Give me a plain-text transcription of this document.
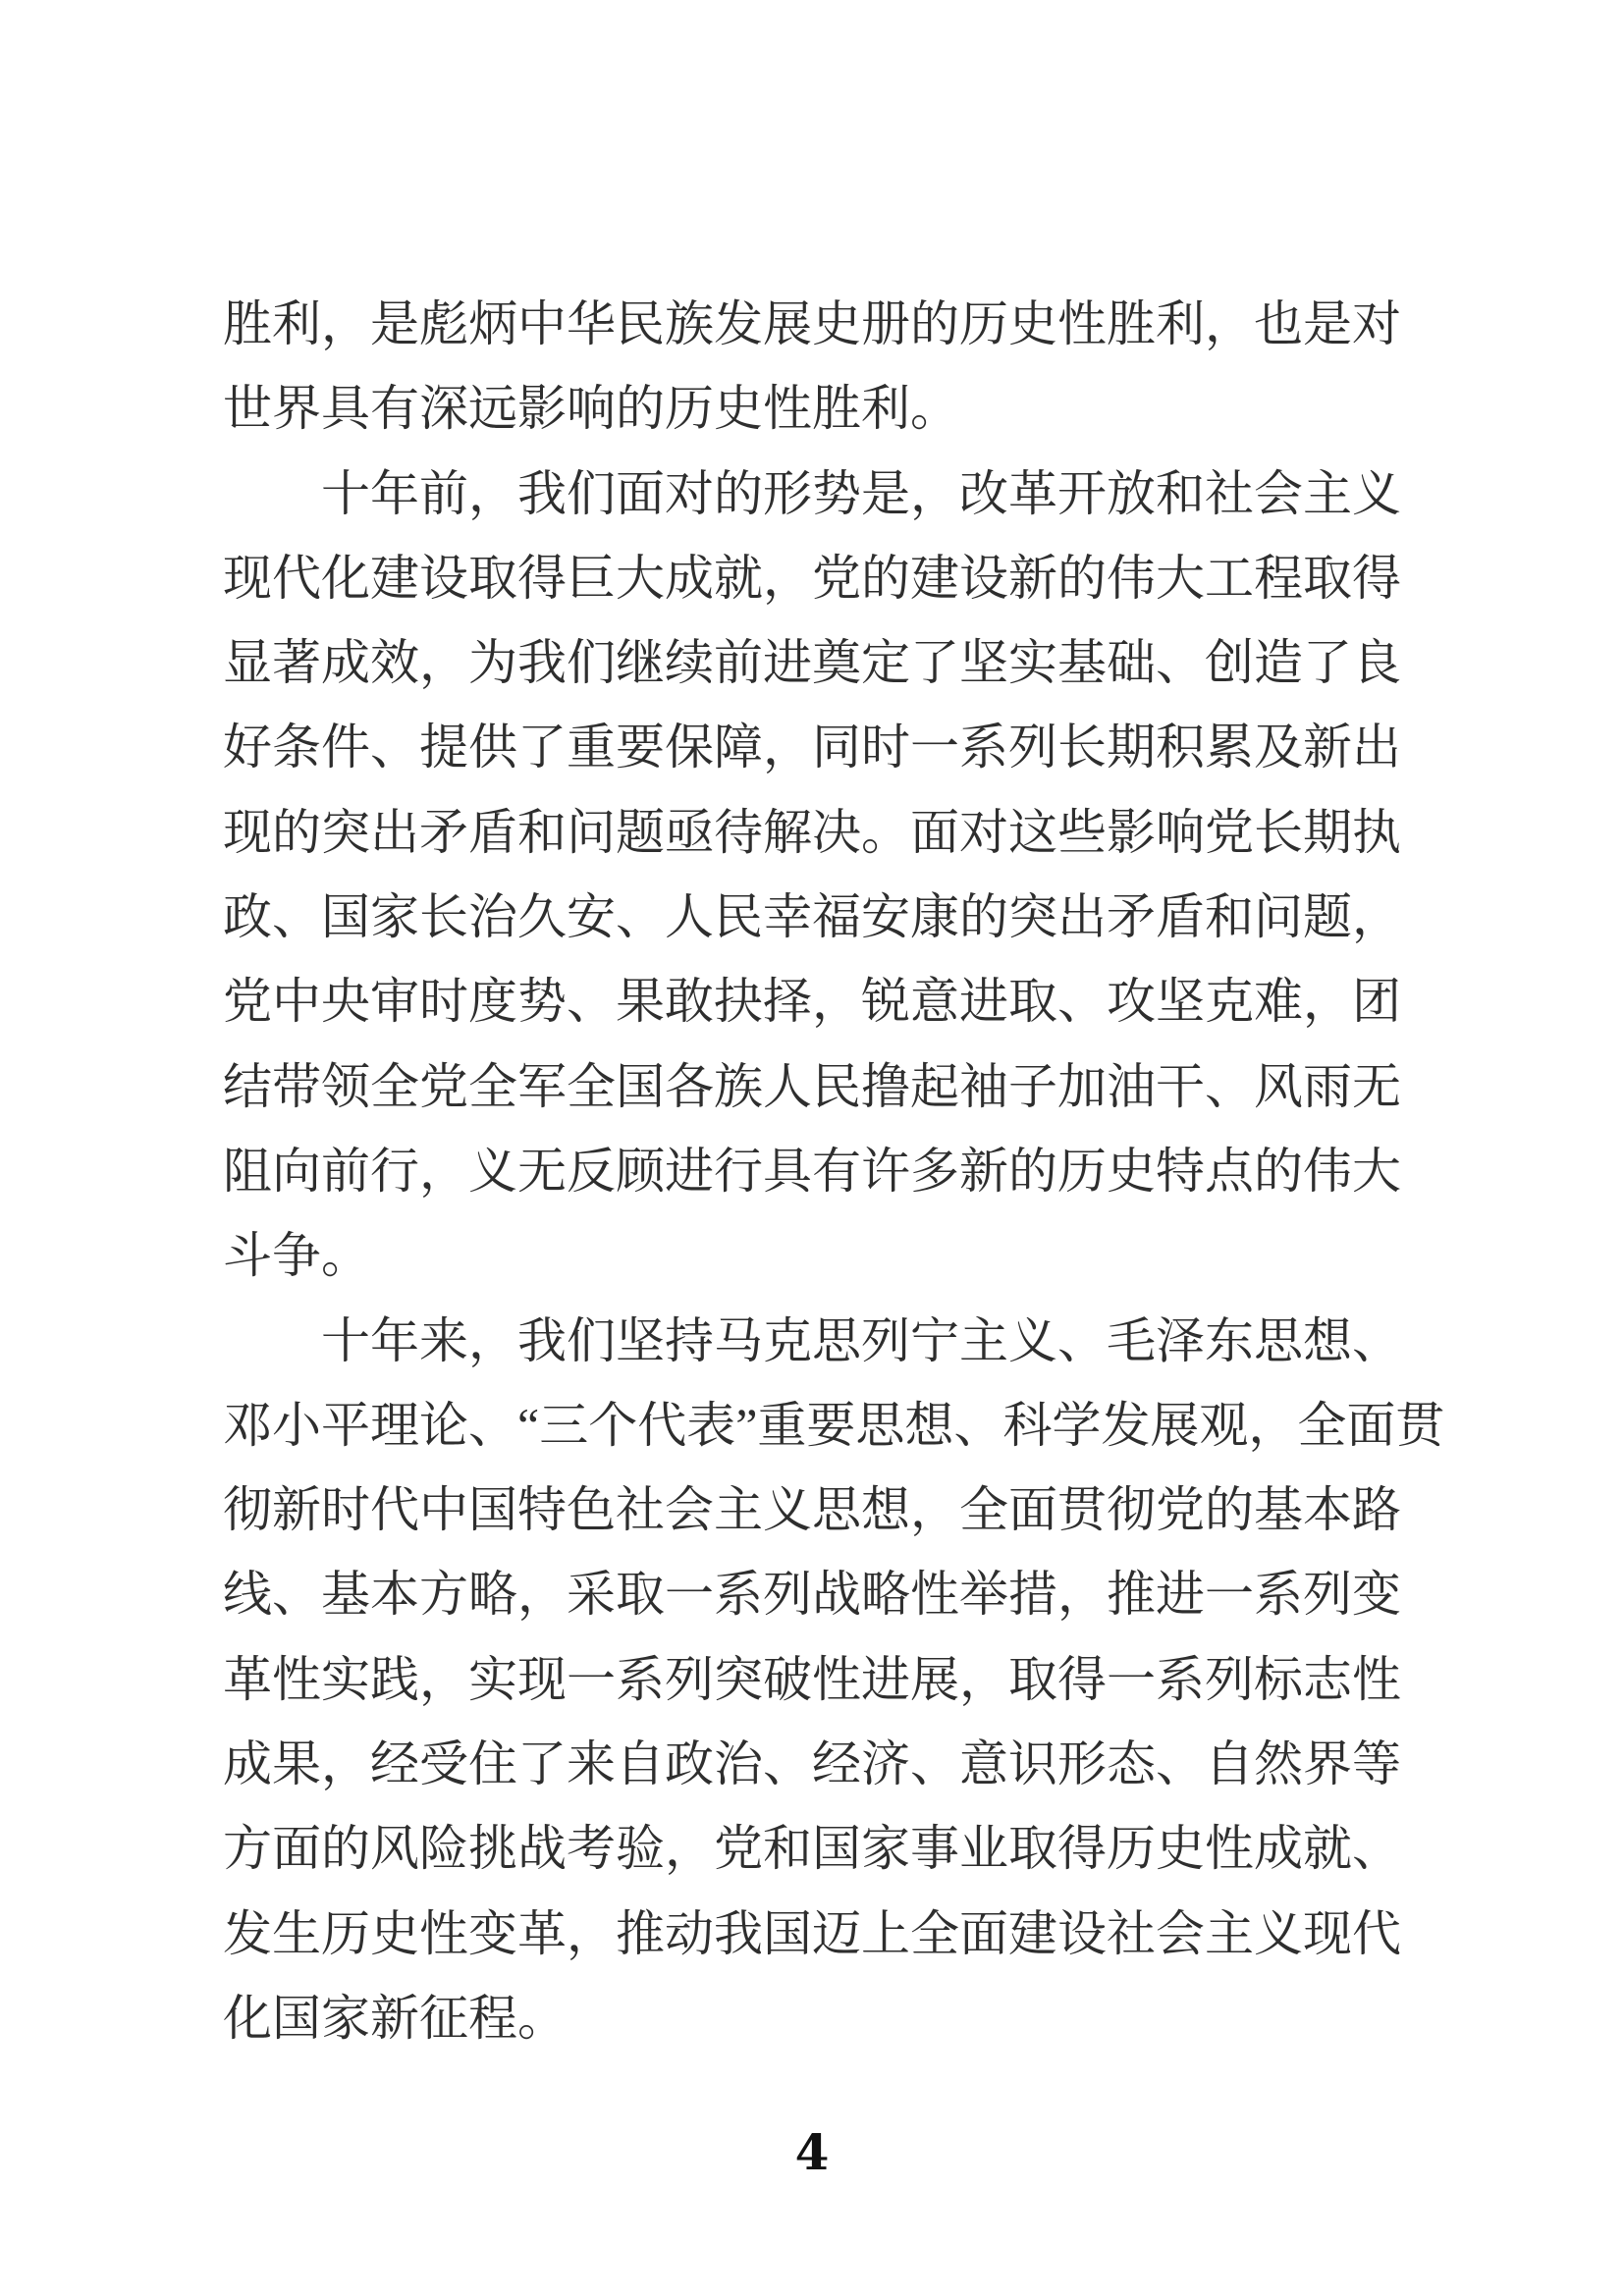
胜利，是彪炳中华民族发展史册的历史性胜利，也是对
世界具有深远影响的历史性胜利。
　　十年前，我们面对的形势是，改革开放和社会主义
现代化建设取得巨大成就，党的建设新的伟大工程取得
显著成效，为我们继续前进奠定了坚实基础、创造了良
好条件、提供了重要保障，同时一系列长期积累及新出
现的突出矛盾和问题亟待解决。面对这些影响党长期执
政、国家长治久安、人民幸福安康的突出矛盾和问题，
党中央审时度势、果敢抉择，锐意进取、攻坚克难，团
结带领全党全军全国各族人民撸起袖子加油干、风雨无
阻向前行，义无反顾进行具有许多新的历史特点的伟大
斗争。
　　十年来，我们坚持马克思列宁主义、毛泽东思想、
邓小平理论、“三个代表”重要思想、科学发展观，全面贯
彻新时代中国特色社会主义思想，全面贯彻党的基本路
线、基本方略，采取一系列战略性举措，推进一系列变
革性实践，实现一系列突破性进展，取得一系列标志性
成果，经受住了来自政治、经济、意识形态、自然界等
方面的风险挑战考验，党和国家事业取得历史性成就、
发生历史性变革，推动我国迈上全面建设社会主义现代
化国家新征程。
4
